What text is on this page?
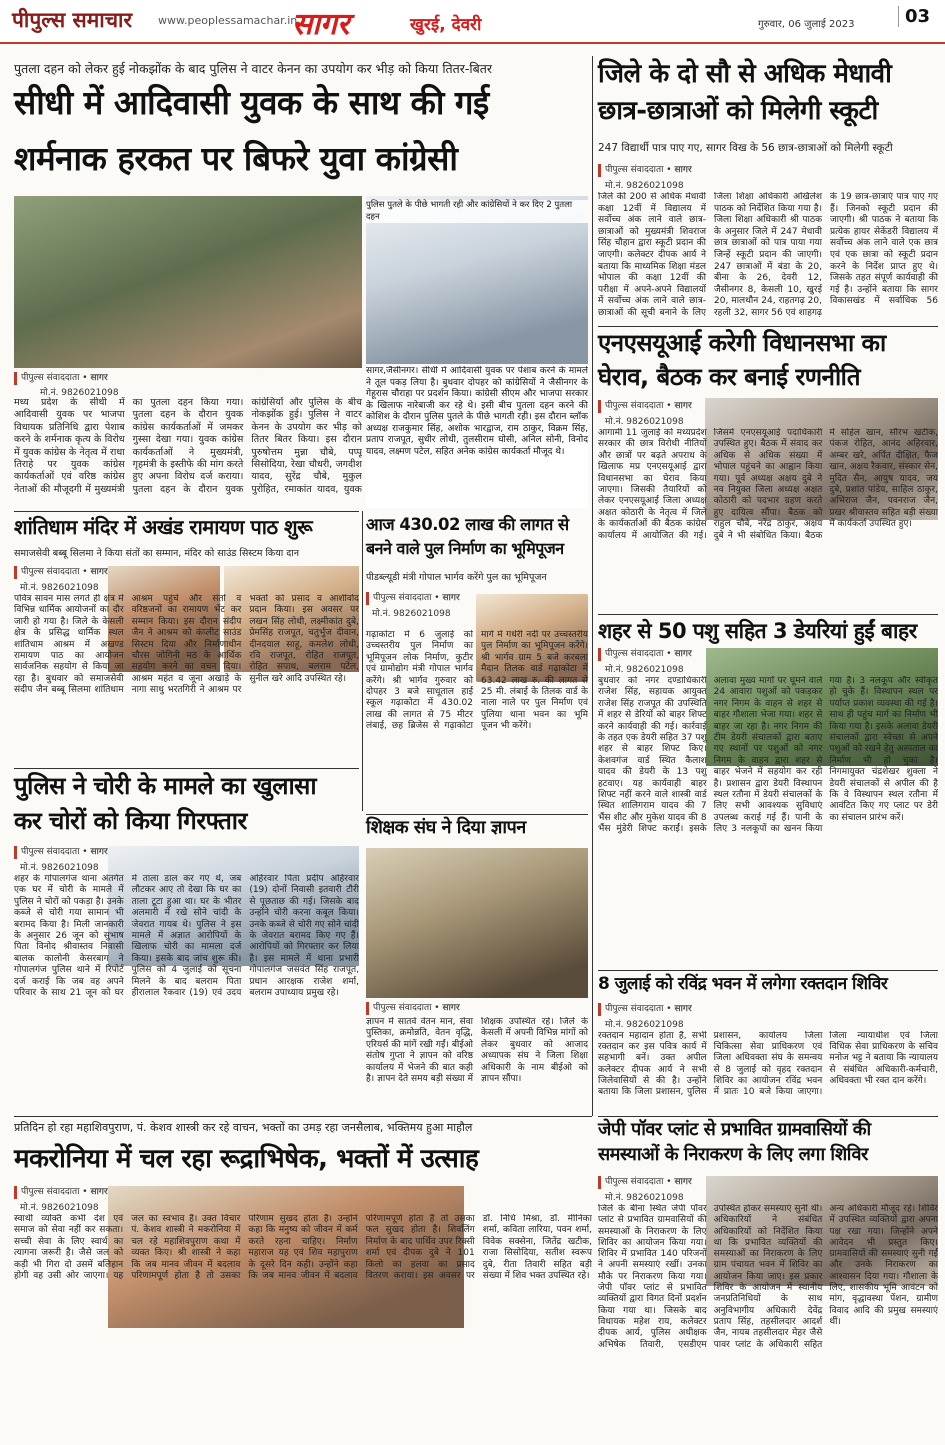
पीपुल्स समाचार www.peoplessamachar.in
सागर	खुरई, देवरी	गुरुवार, 06 जुलाई 2023	03
पुतला दहन को लेकर हुई नोकझोंक के बाद पुलिस ने वाटर केनन का उपयोग कर भीड़ को किया तितर-बितर
सीधी में आदिवासी युवक के साथ की गई
शर्मनाक हरकत पर बिफरे युवा कांग्रेसी
पुलिस पुतले के पीछे भागती रही और कांग्रेसियों ने कर दिए 2 पुतला दहन
पीपुल्स संवाददाता • सागर
मो.नं. 9826021098
मध्य प्रदेश के सीधी में आदिवासी युवक पर भाजपा विधायक प्रतिनिधि द्वारा पेशाब करने के शर्मनाक कृत्य के विरोध में युवक कांग्रेस के नेतृत्व में राधा तिराहे पर युवक कांग्रेस कार्यकर्ताओं एवं वरिष्ठ कांग्रेस नेताओं की मौजूदगी में मुख्यमंत्री का पुतला दहन किया गया। पुतला दहन के दौरान युवक कांग्रेस कार्यकर्ताओं में जमकर गुस्सा देखा गया। युवक कांग्रेस कार्यकर्ताओं ने मुख्यमंत्री, गृहमंत्री के इस्तीफे की मांग करते हुए अपना विरोध दर्ज कराया। पुतला दहन के दौरान युवक कांग्रेसियों और पुलिस के बीच नोकझोंक हुई। पुलिस ने वाटर केनन के उपयोग कर भीड़ को तितर बितर किया। इस दौरान पुरुषोत्तम मुन्ना चौबे, पप्पू सिसोदिया, रेखा चौधरी, जगदीश यादव, सुरेंद्र चौबे, मुकुल पुरोहित, रमाकांत यादव, युवक
सागर,जैसीनगर। सीधी में आदिवासी युवक पर पेशाब करने के मामले ने तूल पकड़ लिया है। बुधवार दोपहर को कांग्रेसियों ने जैसीनगर के गेहूरास चौराहा पर प्रदर्शन किया। कांग्रेसी सीएम और भाजपा सरकार के खिलाफ नारेबाजी कर रहे थे। इसी बीच पुतला दहन करने की कोशिश के दौरान पुलिस पुतले के पीछे भागती रही। इस दौरान ब्लॉक अध्यक्ष राजकुमार सिंह, अशोक भारद्वाज, राम ठाकुर, विक्रम सिंह, प्रताप राजपूत, सुधीर लोधी, तुलसीराम घोसी, अनिल सोनी, विनोद यादव, लक्ष्मण पटेल, सहित अनेक कांग्रेस कार्यकर्ता मौजूद थे।
जिले के दो सौ से अधिक मेधावी
छात्र-छात्राओं को मिलेगी स्कूटी
247 विद्यार्थी पात्र पाए गए, सागर विख के 56 छात्र-छात्राओं को मिलेगी स्कूटी
पीपुल्स संवाददाता • सागर
मो.नं. 9826021098
जिले की 200 से अधिक मेधावी कक्षा 12वीं में विद्यालय में सर्वोच्च अंक लाने वाले छात्र-छात्राओं को मुख्यमंत्री शिवराज सिंह चौहान द्वारा स्कूटी प्रदान की जाएगी। कलेक्टर दीपक आर्य ने बताया कि माध्यमिक शिक्षा मंडल भोपाल की कक्षा 12वीं की परीक्षा में अपने-अपने विद्यालयों में सर्वोच्च अंक लाने वाले छात्र-छात्राओं की सूची बनाने के लिए जिला शिक्षा अधिकारी अखिलेश पाठक को निर्देशित किया गया है। जिला शिक्षा अधिकारी श्री पाठक के अनुसार जिले में 247 मेधावी छात्र छात्राओं को पात्र पाया गया जिन्हें स्कूटी प्रदान की जाएगी। 247 छात्राओं में बंडा के 20, बीना के 26, देवरी 12, जैसीनगर 8, केसली 10, खुरई 20, मालथौन 24, राहतगढ़ 20, रहली 32, सागर 56 एवं शाहगढ़ के 19 छात्र-छात्राएं पात्र पाए गए हैं। जिनको स्कूटी प्रदान की जाएगी। श्री पाठक ने बताया कि प्रत्येक हायर सेकेंडरी विद्यालय में सर्वोच्च अंक लाने वाले एक छात्र एवं एक छात्रा को स्कूटी प्रदान करने के निर्देश प्राप्त हुए थे। जिसके तहत संपूर्ण कार्यवाही की गई है। उन्होंने बताया कि सागर विकासखंड में सर्वाधिक 56
एनएसयूआई करेगी विधानसभा का
घेराव, बैठक कर बनाई रणनीति
पीपुल्स संवाददाता • सागर
मो.नं. 9826021098
आगामी 11 जुलाई को मध्यप्रदेश सरकार की छात्र विरोधी नीतियों और छात्रों पर बढ़ते अपराध के खिलाफ मप्र एनएसयूआई द्वारा विधानसभा का घेराव किया जाएगा। जिसकी तैयारियों को लेकर एनएसयूआई जिला अध्यक्ष अक्षत कोठारी के नेतृत्व में जिले के कार्यकर्ताओं की बैठक कांग्रेस कार्यालय में आयोजित की गई। जिसमें एनएसयूआई पदाधिकारी उपस्थित हुए। बैठक में संवाद कर अधिक से अधिक संख्या में भोपाल पहुंचने का आह्वान किया गया। पूर्व अध्यक्ष अक्षय दुबे ने नव नियुक्त जिला अध्यक्ष अक्षत कोठारी को पदभार ग्रहण करते हुए दायित्व सौंपा। बैठक को राहुल चौबे, नरेंद्र ठाकुर, अक्षय दुबे ने भी संबोधित किया। बैठक में सोहेल खान, सौरभ खटीक, पंकज रोहित, आनंद अहिरवार, अम्बर खरे, अर्पित दीक्षित, फैज खान, अक्षय रैकवार, संस्कार सेन, मुदित सैन, आयुष यादव, जय दुबे, प्रशांत पांडेय, साहिल ठाकुर, अभिराज जैन, पवनराज जैन, प्रखर श्रीवास्तव सहित बड़ी संख्या में कार्यकर्ता उपस्थित हुए।
शांतिधाम मंदिर में अखंड रामायण पाठ शुरू
समाजसेवी बब्बू सिलमा ने किया संतों का सम्मान, मंदिर को साउंड सिस्टम किया दान
पीपुल्स संवाददाता • सागर
मो.नं. 9826021098
पवित्र सावन मास लगते ही क्षेत्र में विभिन्न धार्मिक आयोजनों का दौर जारी हो गया है। जिले के केसली क्षेत्र के प्रसिद्ध धार्मिक स्थल शांतिधाम आश्रम में अखण्ड रामायण पाठ का आयोजन सार्वजनिक सहयोग से किया जा रहा है। बुधवार को समाजसेवी संदीप जैन बब्बू सिलमा शांतिधाम आश्रम पहुंचे और संतों व वरिष्ठजनों का रामायण भेंट कर सम्मान किया। इस दौरान संदीप जैन ने आश्रम को कंप्लीट साउंड सिस्टम दिया और निर्माणाधीन चौरस जोगिनी मठ के आर्थिक सहयोग करने का वचन दिया। आश्रम महंत व जूना अखाड़े के नागा साधु भरतगिरी ने आश्रम पर भक्तों को प्रसाद व आशीर्वाद प्रदान किया। इस अवसर पर लखन सिंह लोधी, लक्ष्मीकांत दुबे, प्रेमसिंह राजपूत, चतुर्भुज दीवान, दीनदयाल साहू, कमलेश लोधी, रवि राजपूत, रोहित राजपूत, रोहित सपाथ, बलराम पटेल, सुनील खरे आदि उपस्थित रहे।
आज 430.02 लाख की लागत से
बनने वाले पुल निर्माण का भूमिपूजन
पीडब्ल्यूडी मंत्री गोपाल भार्गव करेंगे पुल का भूमिपूजन
पीपुल्स संवाददाता • सागर
मो.नं. 9826021098
गढ़ाकोटा में 6 जुलाई को उच्चस्तरीय पुल निर्माण का भूमिपूजन लोक निर्माण, कुटीर एवं ग्रामोद्योग मंत्री गोपाल भार्गव करेंगे। श्री भार्गव गुरुवार को दोपहर 3 बजे साधूताल हाई स्कूल गढ़ाकोटा में 430.02 लाख की लागत से 75 मीटर लंबाई, छह ब्रिजेस से गढ़ाकोटा मार्ग में गधेरी नदी पर उच्चस्तरीय पुल निर्माण का भूमिपूजन करेंगे। श्री भार्गव ग्राम 5 बजे करबला मैदान तिलक वार्ड गढ़ाकोटा में 63.42 लाख रु. की लागत से 25 मी. लंबाई के तिलक वार्ड के नाला नाले पर पुल निर्माण एवं पुलिया थाना भवन का भूमि पूजन भी करेंगे।
शहर से 50 पशु सहित 3 डेयरियां हुईं बाहर
पीपुल्स संवाददाता • सागर
मो.नं. 9826021098
बुधवार को नगर दण्डाधिकारी राजेश सिंह, सहायक आयुक्त राजेश सिंह राजपूत की उपस्थिति में शहर से डेरियों को बाहर शिफ्ट करने कार्यवाही की गई। कार्रवाई के तहत एक डेयरी सहित 37 पशु शहर से बाहर शिफ्ट किए। केशवगंज वार्ड स्थित कैलाश यादव की डेयरी के 13 पशु हटवाए। यह कार्यवाही बाहर शिफ्ट नहीं करने वाले शास्त्री वार्ड स्थित शालिगराम यादव की 7 भैंस शीट और मुकेश यादव की 8 भैंस मुंडेरी शिफ्ट कराईं। इसके अलावा मुख्य मार्गों पर घूमने वाले 24 आवारा पशुओं को पकड़कर नगर निगम के वाहन से शहर से बाहर गौशाला भेजा गया। शहर से बाहर जा रहा है। नगर निगम की टीम डेयरी संचालकों द्वारा बताए गए स्थानों पर पशुओं को नगर निगम के वाहन द्वारा शहर से बाहर भेजने में सहयोग कर रही है। प्रशासन द्वारा डेयरी विस्थापन स्थल रतौना में डेयरी संचालकों के लिए सभी आवश्यक सुविधाएं उपलब्ध कराई गई हैं। पानी के लिए 3 नलकूपों का खनन किया गया है। 3 नलकूप और स्वीकृत हो चुके हैं। विस्थापन स्थल पर पर्याप्त प्रकाश व्यवस्था की गई है। साथ ही पहुंच मार्ग का निर्माण भी किया गया है। इसके अलावा डेयरी संचालकों द्वारा स्वेच्छा से अपने पशुओं को रखने हेतु अस्पताल का निर्माण भी हो चुका है। निगमायुक्त चंद्रशेखर शुक्ला ने डेयरी संचालकों से अपील की है कि वे विस्थापन स्थल रतौना में आवंटित किए गए प्लाट पर डेरी का संचालन प्रारंभ करें।
पुलिस ने चोरी के मामले का खुलासा
कर चोरों को किया गिरफ्तार
पीपुल्स संवाददाता • सागर
मो.नं. 9826021098
शहर के गोपालगंज थाना अंतर्गत एक घर में चोरी के मामले में पुलिस ने चोरों को पकड़ा है। उनके कब्जे से चोरी गया सामान भी बरामद किया है। मिली जानकारी के अनुसार 26 जून को सुभाष पिता विनोद श्रीवास्तव निवासी बालक कालोनी केसरबाग ने गोपालगंज पुलिस थाने में रिपोर्ट दर्ज कराई कि जब वह अपने परिवार के साथ 21 जून को घर में ताला डाल कर गए थे, जब लौटकर आए तो देखा कि घर का ताला टूटा हुआ था। घर के भीतर अलमारी में रखे सोने चांदी के जेवरात गायब थे। पुलिस ने इस मामले में अज्ञात आरोपियों के खिलाफ चोरी का मामला दर्ज किया। इसके बाद जांच शुरू की। पुलिस को 4 जुलाई को सूचना मिलने के बाद बलराम पिता हीरालाल रैकवार (19) एवं उदय अहिरवार पिता प्रदीप अहिरवार (19) दोनों निवासी इतवारी टौरी से पूछताछ की गई। जिसके बाद उन्होंने चोरी करना कबूल किया। उनके कब्जे से चोरी गए सोने चांदी के जेवरात बरामद किए गए हैं। आरोपियों को गिरफ्तार कर लिया है। इस मामले में थाना प्रभारी गोपालगंज जसवंत सिंह राजपूत, प्रधान आरक्षक राजेश शर्मा, बलराम उपाध्याय प्रमुख रहे।
शिक्षक संघ ने दिया ज्ञापन
पीपुल्स संवाददाता • सागर
ज्ञापन में सातवें वेतन मान, सेवा पुस्तिका, क्रमोन्नति, वेतन वृद्धि, एरियर्स की मांगें रखी गईं। बीईओ संतोष गुप्ता ने ज्ञापन को वरिष्ठ कार्यालय में भेजने की बात कही है। ज्ञापन देते समय बड़ी संख्या में शिक्षक उपस्थित रहे। जिले के केसली में अपनी विभिन्न मांगों को लेकर बुधवार को आजाद अध्यापक संघ ने जिला शिक्षा अधिकारी के नाम बीईओ को ज्ञापन सौंपा।
8 जुलाई को रविंद्र भवन में लगेगा रक्तदान शिविर
पीपुल्स संवाददाता • सागर
मो.नं. 9826021098
रक्तदान महादान होता है, सभी रक्तदान कर इस पवित्र कार्य में सहभागी बनें। उक्त अपील कलेक्टर दीपक आर्य ने सभी जिलेवासियों से की है। उन्होंने बताया कि जिला प्रशासन, पुलिस प्रशासन, कार्यालय जिला चिकित्सा सेवा प्राधिकरण एवं जिला अधिवक्ता संघ के समन्वय से 8 जुलाई को वृहद रक्तदान शिविर का आयोजन रविंद्र भवन में प्रातः 10 बजे किया जाएगा। जिला न्यायाधीश एवं जिला विधिक सेवा प्राधिकरण के सचिव मनोज भट्ट ने बताया कि न्यायालय से संबंधित अधिकारी-कर्मचारी, अधिवक्ता भी रक्त दान करेंगे।
प्रतिदिन हो रहा महाशिवपुराण, पं. केशव शास्त्री कर रहे वाचन, भक्तों का उमड़ रहा जनसैलाब, भक्तिमय हुआ माहौल
मकरोनिया में चल रहा रूद्राभिषेक, भक्तों में उत्साह
पीपुल्स संवाददाता • सागर
मो.नं. 9826021098
स्वार्थी व्यक्ति कभी देश एवं समाज को सेवा नहीं कर सकता। सच्ची सेवा के लिए स्वार्थ का त्यागना जरूरी है। जैसे जल को कड़ी भी गिरा दो उसमें बलिहान होगी वह उसी ओर जाएगा। यह जल का स्वभाव है। उक्त विचार पं. केशव शास्त्री ने मकरोनिया में चल रहे महाशिवपुराण कथा में व्यक्त किए। श्री शास्त्री ने कहा कि जब मानव जीवन में बदलाव परिणामपूर्ण होता है तो उसका परिणाम सुखद होता है। उन्होंने कहा कि मनुष्य को जीवन में कर्म करते रहना चाहिए। निर्माण महाराज यह एवं शिव महापुराण के दूसरे दिन कही। उन्होंने कहा कि जब मानव जीवन में बदलाव परिणामपूर्ण होता है तो उसका फल सुखद होता है। शिवलिंग निर्माण के बाद पार्थिव उपर रिक्सी शर्मा एवं दीपक दुबे ने 101 किलो का हलवा का प्रसाद वितरण कराया। इस अवसर पर डॉ. निधि मिश्रा, डॉ. मीनिका शर्मा, कविता लारिया, पवन शर्मा, विवेक सक्सेना, जितेंद्र खटीक, राजा सिसोदिया, सतीश स्वरूप दुबे, रीता तिवारी सहित बड़ी संख्या में शिव भक्त उपस्थित रहे।
जेपी पॉवर प्लांट से प्रभावित ग्रामवासियों की
समस्याओं के निराकरण के लिए लगा शिविर
पीपुल्स संवाददाता • सागर
मो.नं. 9826021098
जिले के बीना स्थित जेपी पॉवर प्लांट से प्रभावित ग्रामवासियों की समस्याओं के निराकरण के लिए शिविर का आयोजन किया गया। शिविर में प्रभावित 140 परिजनों ने अपनी समस्याएं रखीं। उनका मौके पर निराकरण किया गया। जेपी पॉवर प्लांट से प्रभावित व्यक्तियों द्वारा विगत दिनों प्रदर्शन किया गया था। जिसके बाद विधायक महेश राय, कलेक्टर दीपक आर्य, पुलिस अधीक्षक अभिषेक तिवारी, एसडीएम उपस्थित होकर समस्याएं सुनी थीं। अधिकारियों ने संबंधित अधिकारियों को निर्देशित किया था कि प्रभावित व्यक्तियों की समस्याओं का निराकरण के लिए ग्राम पंचायत भवन में शिविर का आयोजन किया जाए। इस प्रकार शिविर के आयोजन में स्थानीय जनप्रतिनिधियों के साथ अनुविभागीय अधिकारी देवेंद्र प्रताप सिंह, तहसीलदार आदर्श जैन, नायब तहसीलदार मेहर जैसे पावर प्लांट के अधिकारी सहित अन्य अधिकारी मौजूद रहे। शिविर में उपस्थित व्यक्तियों द्वारा अपना पक्ष रखा गया। जिन्होंने अपने आवेदन भी प्रस्तुत किए। ग्रामवासियों की समस्याएं सुनी गईं और उनके निराकरण का आश्वासन दिया गया। गौशाला के लिए, शासकीय भूमि आवंटन को मांग, वृद्धावस्था पेंशन, ग्रामीण विवाद आदि की प्रमुख समस्याएं थीं।
